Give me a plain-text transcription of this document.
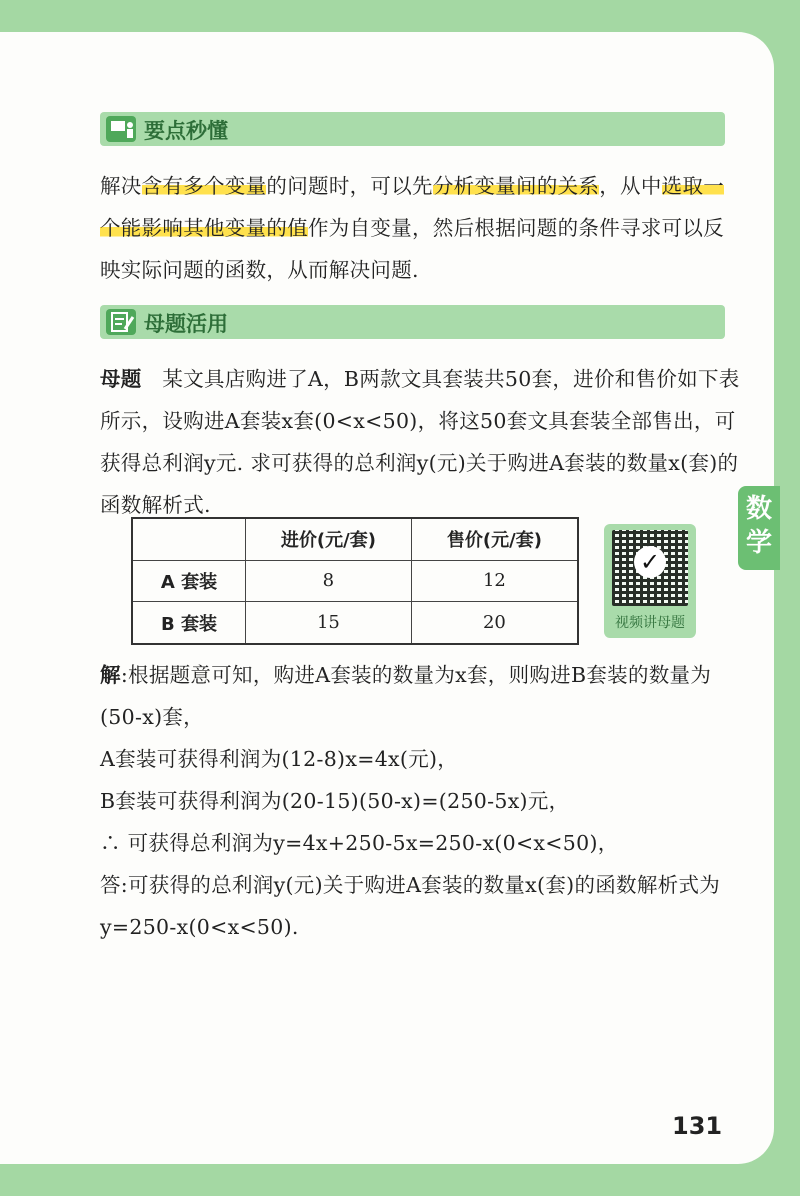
数
学
要点秒懂
解决含有多个变量的问题时，可以先分析变量间的关系，从中选取一个能影响其他变量的值作为自变量，然后根据问题的条件寻求可以反映实际问题的函数，从而解决问题.
母题活用
母题　某文具店购进了A，B两款文具套装共50套，进价和售价如下表所示，设购进A套装x套(0<x<50)，将这50套文具套装全部售出，可获得总利润y元. 求可获得的总利润y(元)关于购进A套装的数量x(套)的函数解析式.
	进价(元/套)	售价(元/套)
A 套装	8	12
B 套装	15	20
✓
视频讲母题
解:根据题意可知，购进A套装的数量为x套，则购进B套装的数量为(50-x)套，
A套装可获得利润为(12-8)x=4x(元)，
B套装可获得利润为(20-15)(50-x)=(250-5x)元，
∴ 可获得总利润为y=4x+250-5x=250-x(0<x<50)，
答:可获得的总利润y(元)关于购进A套装的数量x(套)的函数解析式为y=250-x(0<x<50).
131
